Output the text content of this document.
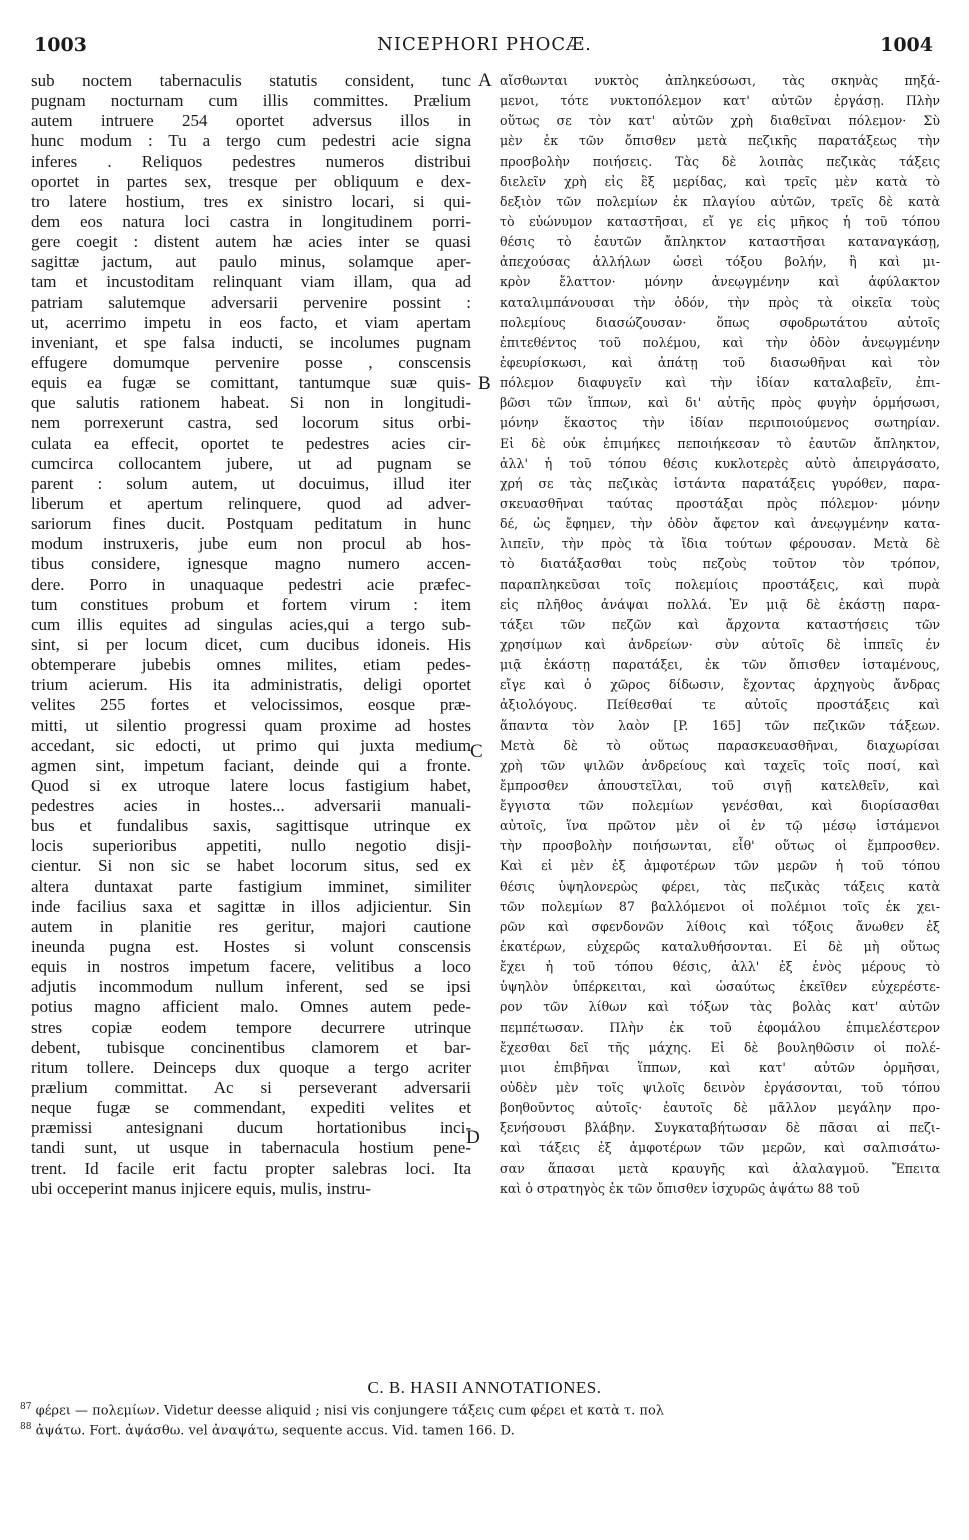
1003	NICEPHORI PHOCÆ.	1004
sub noctem tabernaculis statutis consident, tunc
pugnam nocturnam cum illis committes. Prælium
autem intruere 254 oportet adversus illos in
hunc modum : Tu a tergo cum pedestri acie signa
inferes . Reliquos pedestres numeros distribui
oportet in partes sex, tresque per obliquum e dex-
tro latere hostium, tres ex sinistro locari, si qui-
dem eos natura loci castra in longitudinem porri-
gere coegit : distent autem hæ acies inter se quasi
sagittæ jactum, aut paulo minus, solamque aper-
tam et incustoditam relinquant viam illam, qua ad
patriam salutemque adversarii pervenire possint :
ut, acerrimo impetu in eos facto, et viam apertam
inveniant, et spe falsa inducti, se incolumes pugnam
effugere domumque pervenire posse , conscensis
equis ea fugæ se comittant, tantumque suæ quis-
que salutis rationem habeat. Si non in longitudi-
nem porrexerunt castra, sed locorum situs orbi-
culata ea effecit, oportet te pedestres acies cir-
cumcirca collocantem jubere, ut ad pugnam se
parent : solum autem, ut docuimus, illud iter
liberum et apertum relinquere, quod ad adver-
sariorum fines ducit. Postquam peditatum in hunc
modum instruxeris, jube eum non procul ab hos-
tibus considere, ignesque magno numero accen-
dere. Porro in unaquaque pedestri acie præfec-
tum constitues probum et fortem virum : item
cum illis equites ad singulas acies,qui a tergo sub-
sint, si per locum dicet, cum ducibus idoneis. His
obtemperare jubebis omnes milites, etiam pedes-
trium acierum. His ita administratis, deligi oportet
velites 255 fortes et velocissimos, eosque præ-
mitti, ut silentio progressi quam proxime ad hostes
accedant, sic edocti, ut primo qui juxta medium
agmen sint, impetum faciant, deinde qui a fronte.
Quod si ex utroque latere locus fastigium habet,
pedestres acies in hostes... adversarii manuali-
bus et fundalibus saxis, sagittisque utrinque ex
locis superioribus appetiti, nullo negotio disji-
cientur. Si non sic se habet locorum situs, sed ex
altera duntaxat parte fastigium imminet, similiter
inde facilius saxa et sagittæ in illos adjicientur. Sin
autem in planitie res geritur, majori cautione
ineunda pugna est. Hostes si volunt conscensis
equis in nostros impetum facere, velitibus a loco
adjutis incommodum nullum inferent, sed se ipsi
potius magno afficient malo. Omnes autem pede-
stres copiæ eodem tempore decurrere utrinque
debent, tubisque concinentibus clamorem et bar-
ritum tollere. Deinceps dux quoque a tergo acriter
prælium committat. Ac si perseverant adversarii
neque fugæ se commendant, expediti velites et
præmissi antesignani ducum hortationibus inci-
tandi sunt, ut usque in tabernacula hostium pene-
trent. Id facile erit factu propter salebras loci. Ita
ubi occeperint manus injicere equis, mulis, instru-
αἴσθωνται νυκτὸς ἀπληκεύσωσι, τὰς σκηνὰς πηξά-
μενοι, τότε νυκτοπόλεμον κατ' αὐτῶν ἐργάσῃ. Πλὴν
οὕτως σε τὸν κατ' αὐτῶν χρὴ διαθεῖναι πόλεμον· Σὺ
μὲν ἐκ τῶν ὄπισθεν μετὰ πεζικῆς παρατάξεως τὴν
προσβολὴν ποιήσεις. Τὰς δὲ λοιπὰς πεζικὰς τάξεις
διελεῖν χρὴ εἰς ἓξ μερίδας, καὶ τρεῖς μὲν κατὰ τὸ
δεξιὸν τῶν πολεμίων ἐκ πλαγίου αὐτῶν, τρεῖς δὲ κατὰ
τὸ εὐώνυμον καταστῆσαι, εἴ γε εἰς μῆκος ἡ τοῦ τόπου
θέσις τὸ ἑαυτῶν ἄπληκτον καταστῆσαι καταναγκάσῃ,
ἀπεχούσας ἀλλήλων ὡσεὶ τόξου βολήν, ἢ καὶ μι-
κρὸν ἔλαττον· μόνην ἀνεῳγμένην καὶ ἀφύλακτον
καταλιμπάνουσαι τὴν ὁδόν, τὴν πρὸς τὰ οἰκεῖα τοὺς
πολεμίους διασώζουσαν· ὅπως σφοδρωτάτου αὐτοῖς
ἐπιτεθέντος τοῦ πολέμου, καὶ τὴν ὁδὸν ἀνεῳγμένην
ἐφευρίσκωσι, καὶ ἀπάτῃ τοῦ διασωθῆναι καὶ τὸν
πόλεμον διαφυγεῖν καὶ τὴν ἰδίαν καταλαβεῖν, ἐπι-
βῶσι τῶν ἵππων, καὶ δι' αὐτῆς πρὸς φυγὴν ὁρμήσωσι,
μόνην ἕκαστος τὴν ἰδίαν περιποιούμενος σωτηρίαν.
Εἰ δὲ οὐκ ἐπιμήκες πεποιήκεσαν τὸ ἑαυτῶν ἄπληκτον,
ἀλλ' ἡ τοῦ τόπου θέσις κυκλοτερὲς αὐτὸ ἀπειργάσατο,
χρή σε τὰς πεζικὰς ἱστάντα παρατάξεις γυρόθεν, παρα-
σκευασθῆναι ταύτας προστάξαι πρὸς πόλεμον· μόνην
δέ, ὡς ἔφημεν, τὴν ὁδὸν ἄφετον καὶ ἀνεῳγμένην κατα-
λιπεῖν, τὴν πρὸς τὰ ἴδια τούτων φέρουσαν. Μετὰ δὲ
τὸ διατάξασθαι τοὺς πεζοὺς τοῦτον τὸν τρόπον,
παραπληκεῦσαι τοῖς πολεμίοις προστάξεις, καὶ πυρὰ
εἰς πλῆθος ἀνάψαι πολλά. Ἐν μιᾷ δὲ ἑκάστῃ παρα-
τάξει τῶν πεζῶν καὶ ἄρχοντα καταστήσεις τῶν
χρησίμων καὶ ἀνδρείων· σὺν αὐτοῖς δὲ ἱππεῖς ἐν
μιᾷ ἑκάστῃ παρατάξει, ἐκ τῶν ὄπισθεν ἱσταμένους,
εἴγε καὶ ὁ χῶρος δίδωσιν, ἔχοντας ἀρχηγοὺς ἄνδρας
ἀξιολόγους. Πείθεσθαί τε αὐτοῖς προστάξεις καὶ
ἅπαντα τὸν λαὸν [P. 165] τῶν πεζικῶν τάξεων.
Μετὰ δὲ τὸ οὕτως παρασκευασθῆναι, διαχωρίσαι
χρὴ τῶν ψιλῶν ἀνδρείους καὶ ταχεῖς τοῖς ποσί, καὶ
ἔμπροσθεν ἀπουστεῖλαι, τοῦ σιγῇ κατελθεῖν, καὶ
ἔγγιστα τῶν πολεμίων γενέσθαι, καὶ διορίσασθαι
αὐτοῖς, ἵνα πρῶτον μὲν οἱ ἐν τῷ μέσῳ ἱστάμενοι
τὴν προσβολὴν ποιήσωνται, εἶθ' οὕτως οἱ ἔμπροσθεν.
Καὶ εἰ μὲν ἐξ ἀμφοτέρων τῶν μερῶν ἡ τοῦ τόπου
θέσις ὑψηλονερὼς φέρει, τὰς πεζικὰς τάξεις κατὰ
τῶν πολεμίων 87 βαλλόμενοι οἱ πολέμιοι τοῖς ἐκ χει-
ρῶν καὶ σφενδονῶν λίθοις καὶ τόξοις ἄνωθεν ἐξ
ἑκατέρων, εὐχερῶς καταλυθήσονται. Εἰ δὲ μὴ οὕτως
ἔχει ἡ τοῦ τόπου θέσις, ἀλλ' ἐξ ἑνὸς μέρους τὸ
ὑψηλὸν ὑπέρκειται, καὶ ὡσαύτως ἐκεῖθεν εὐχερέστε-
ρον τῶν λίθων καὶ τόξων τὰς βολὰς κατ' αὐτῶν
πεμπέτωσαν. Πλὴν ἐκ τοῦ ἐφομάλου ἐπιμελέστερον
ἔχεσθαι δεῖ τῆς μάχης. Εἰ δὲ βουληθῶσιν οἱ πολέ-
μιοι ἐπιβῆναι ἵππων, καὶ κατ' αὐτῶν ὁρμῆσαι,
οὐδὲν μὲν τοῖς ψιλοῖς δεινὸν ἐργάσονται, τοῦ τόπου
βοηθοῦντος αὐτοῖς· ἑαυτοῖς δὲ μᾶλλον μεγάλην προ-
ξενήσουσι βλάβην. Συγκαταβήτωσαν δὲ πᾶσαι αἱ πεζι-
καὶ τάξεις ἐξ ἀμφοτέρων τῶν μερῶν, καὶ σαλπισάτω-
σαν ἅπασαι μετὰ κραυγῆς καὶ ἀλαλαγμοῦ. Ἔπειτα
καὶ ὁ στρατηγὸς ἐκ τῶν ὄπισθεν ἰσχυρῶς ἀψάτω 88 τοῦ
A
B
C
D
C. B. HASII ANNOTATIONES.
$^{87}$ φέρει — πολεμίων. Videtur deesse aliquid ; nisi vis conjungere τάξεις cum φέρει et κατὰ τ. πολ
$^{88}$ ἀψάτω. Fort. ἀψάσθω. vel ἀναψάτω, sequente accus. Vid. tamen 166. D.
